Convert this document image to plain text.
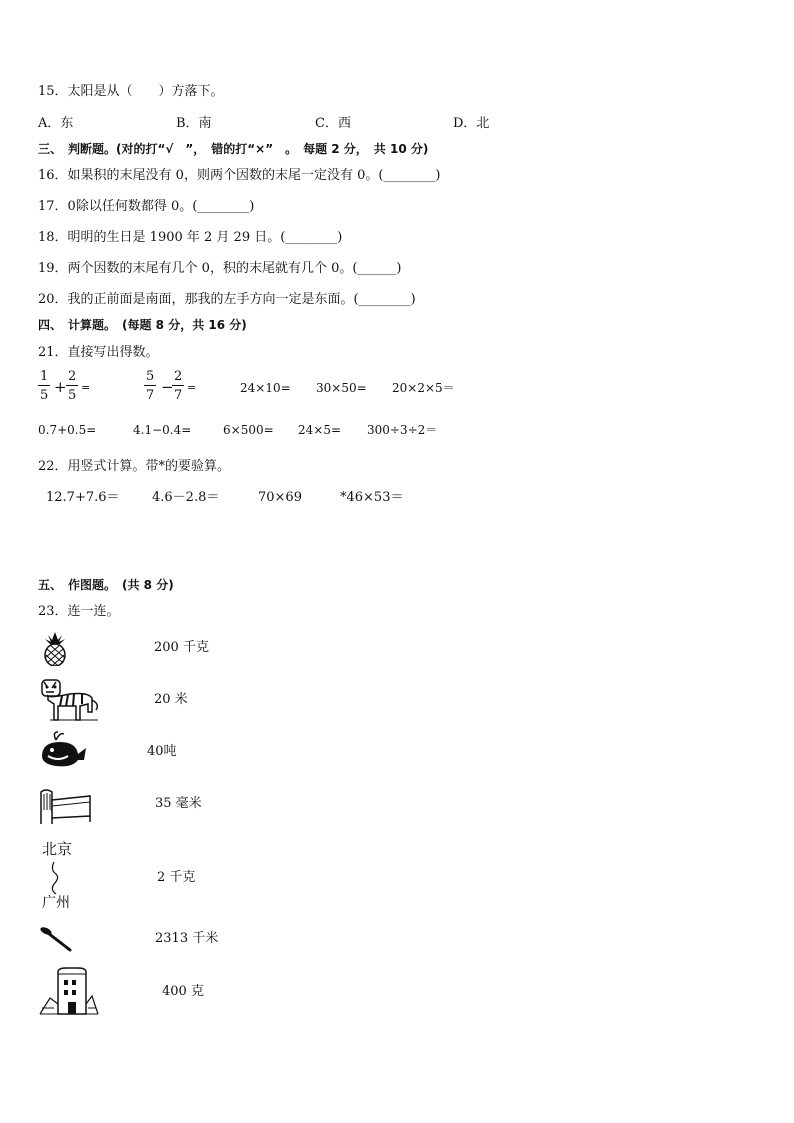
15．太阳是从（　　）方落下。
A．东	B．南	C．西	D．北
三、　判断题。(对的打“√　”，　错的打“×”　。　每题 2 分，　共 10 分)
16．如果积的末尾没有 0，则两个因数的末尾一定没有 0。(________)
17．0除以任何数都得 0。(________)
18．明明的生日是 1900 年 2 月 29 日。(________)
19．两个因数的末尾有几个 0，积的末尾就有几个 0。(______)
20．我的正前面是南面，那我的左手方向一定是东面。(________)
四、　计算题。　(每题 8 分，共 16 分)
21．直接写出得数。
$\frac{1}{5} + \frac{2}{5}$ =	$\frac{5}{7}$ −
$\frac{2}{7}$ =	24×10= 30×50= 20×2×5＝
0.7+0.5=	4.1−0.4=	6×500= 24×5= 300÷3÷2＝
22．用竖式计算。带*的要验算。
12.7+7.6＝ 4.6－2.8＝	70×69	*46×53＝
五、　作图题。　(共 8 分)
23．连一连。
200 千克
20 米
40吨
35 毫米
北京
广州
2 千克
2313 千米
400 克
